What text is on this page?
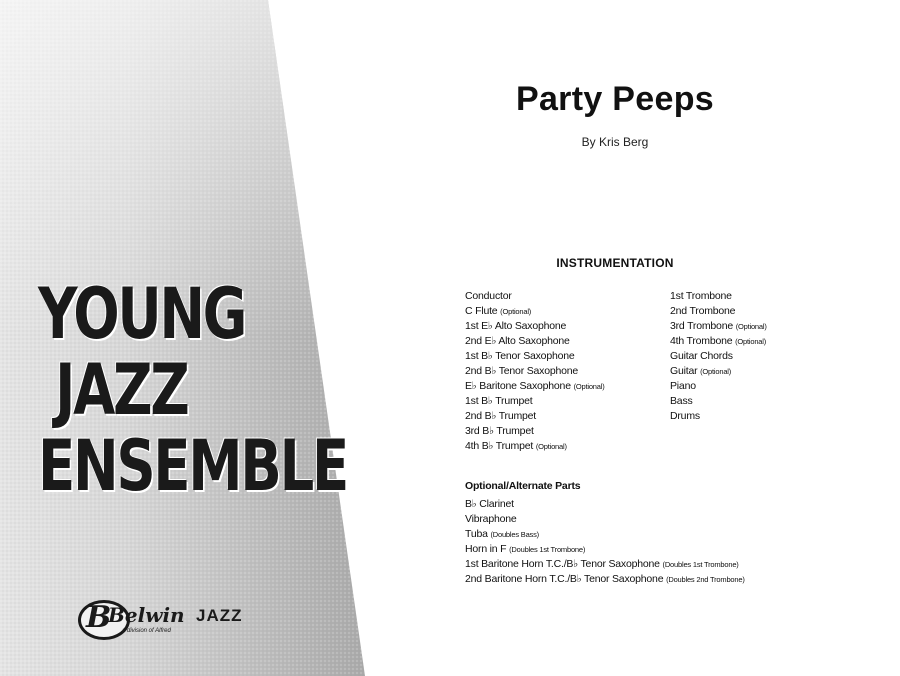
YOUNG
JAZZ
ENSEMBLE
B
Belwin JAZZ
a division of Alfred
Party Peeps
By Kris Berg
INSTRUMENTATION
Conductor
C Flute (Optional)
1st E♭ Alto Saxophone
2nd E♭ Alto Saxophone
1st B♭ Tenor Saxophone
2nd B♭ Tenor Saxophone
E♭ Baritone Saxophone (Optional)
1st B♭ Trumpet
2nd B♭ Trumpet
3rd B♭ Trumpet
4th B♭ Trumpet (Optional)
1st Trombone
2nd Trombone
3rd Trombone (Optional)
4th Trombone (Optional)
Guitar Chords
Guitar (Optional)
Piano
Bass
Drums
Optional/Alternate Parts
B♭ Clarinet
Vibraphone
Tuba (Doubles Bass)
Horn in F (Doubles 1st Trombone)
1st Baritone Horn T.C./B♭ Tenor Saxophone (Doubles 1st Trombone)
2nd Baritone Horn T.C./B♭ Tenor Saxophone (Doubles 2nd Trombone)
